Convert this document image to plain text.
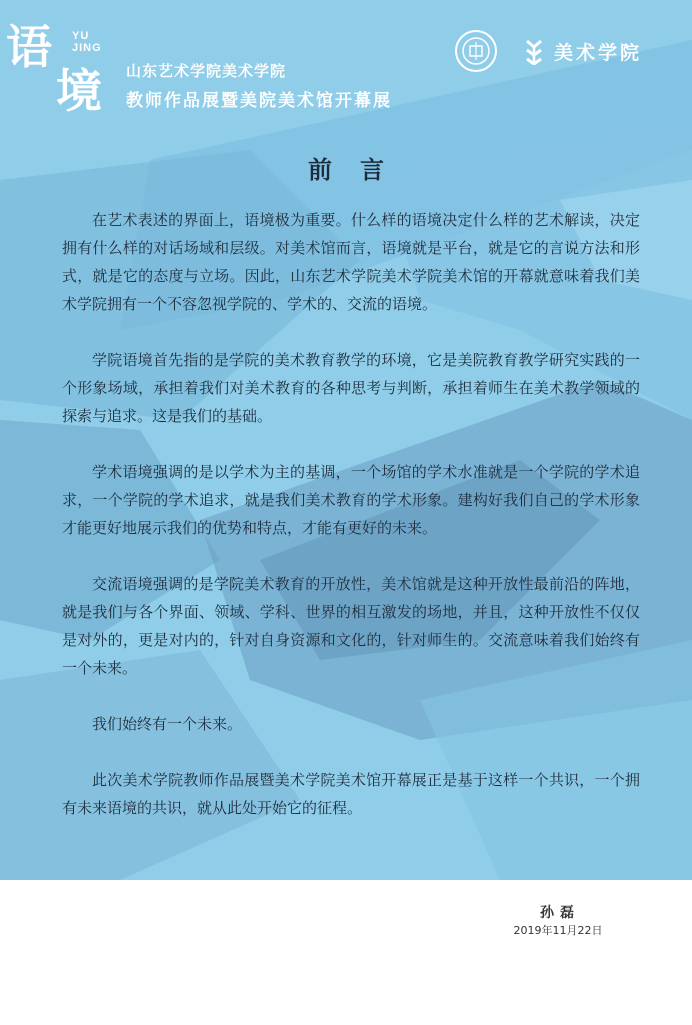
语
境
YU
JING
山东艺术学院美术学院
教师作品展暨美院美术馆开幕展
美术学院
前言

在艺术表述的界面上，语境极为重要。什么样的语境决定什么样的艺术解读，决定拥有什么样的对话场域和层级。对美术馆而言，语境就是平台，就是它的言说方法和形式，就是它的态度与立场。因此，山东艺术学院美术学院美术馆的开幕就意味着我们美术学院拥有一个不容忽视学院的、学术的、交流的语境。

学院语境首先指的是学院的美术教育教学的环境，它是美院教育教学研究实践的一个形象场域，承担着我们对美术教育的各种思考与判断，承担着师生在美术教学领域的探索与追求。这是我们的基础。

学术语境强调的是以学术为主的基调，一个场馆的学术水准就是一个学院的学术追求，一个学院的学术追求，就是我们美术教育的学术形象。建构好我们自己的学术形象才能更好地展示我们的优势和特点，才能有更好的未来。

交流语境强调的是学院美术教育的开放性，美术馆就是这种开放性最前沿的阵地，就是我们与各个界面、领域、学科、世界的相互激发的场地，并且，这种开放性不仅仅是对外的，更是对内的，针对自身资源和文化的，针对师生的。交流意味着我们始终有一个未来。

我们始终有一个未来。

此次美术学院教师作品展暨美术学院美术馆开幕展正是基于这样一个共识，一个拥有未来语境的共识，就从此处开始它的征程。

孙磊
2019年11月22日
